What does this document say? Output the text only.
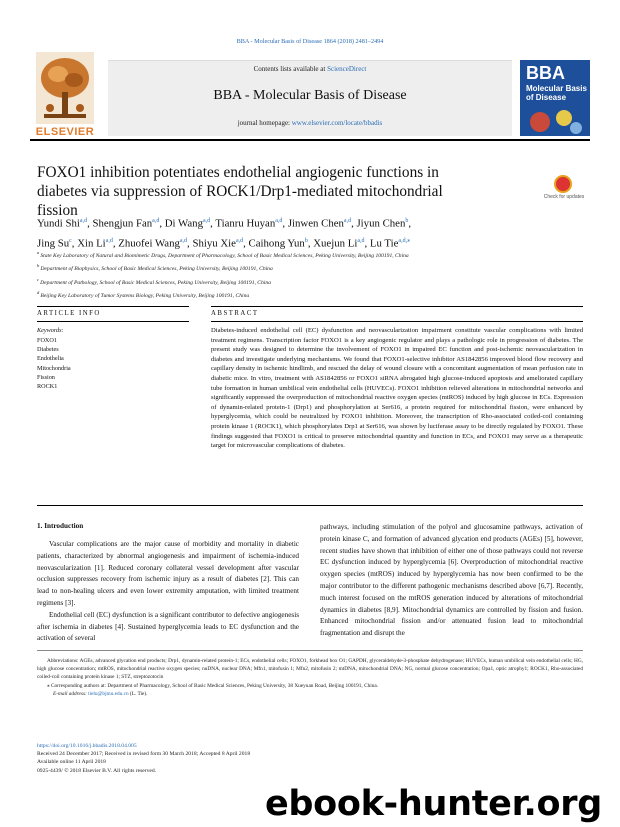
BBA - Molecular Basis of Disease 1864 (2018) 2481–2494
ELSEVIER
Contents lists available at ScienceDirect
BBA - Molecular Basis of Disease
journal homepage: www.elsevier.com/locate/bbadis
BBA
Molecular Basis of Disease
FOXO1 inhibition potentiates endothelial angiogenic functions in diabetes via suppression of ROCK1/Drp1-mediated mitochondrial fission
Check for updates
Yundi Shi$^{a,d}$, Shengjun Fan$^{a,d}$, Di Wang$^{a,d}$, Tianru Huyan$^{a,d}$, Jinwen Chen$^{a,d}$, Jiyun Chen$^b$,
Jing Su$^c$, Xin Li$^{a,d}$, Zhuofei Wang$^{a,d}$, Shiyu Xie$^{a,d}$, Caihong Yun$^b$, Xuejun Li$^{a,d}$, Lu Tie$^{a,d,⁎}$
$^a$ State Key Laboratory of Natural and Biomimetic Drugs, Department of Pharmacology, School of Basic Medical Sciences, Peking University, Beijing 100191, China
$^b$ Department of Biophysics, School of Basic Medical Sciences, Peking University, Beijing 100191, China
$^c$ Department of Pathology, School of Basic Medical Sciences, Peking University, Beijing 100191, China
$^d$ Beijing Key Laboratory of Tumor Systems Biology, Peking University, Beijing 100191, China
ARTICLE INFO	ABSTRACT
Keywords:
FOXO1
Diabetes
Endothelia
Mitochondria
Fission
ROCK1
Diabetes-induced endothelial cell (EC) dysfunction and neovascularization impairment constitute vascular complications with limited treatment regimens. Transcription factor FOXO1 is a key angiogenic regulator and plays a pathologic role in progression of diabetes. The present study was designed to determine the involvement of FOXO1 in impaired EC function and post-ischemic neovascularization in diabetes and investigate underlying mechanisms. We found that FOXO1-selective inhibitor AS1842856 improved blood flow recovery and capillary density in ischemic hindlimb, and rescued the delay of wound closure with a concomitant augmentation of mean perfusion rate in diabetic mice. In vitro, treatment with AS1842856 or FOXO1 siRNA abrogated high glucose-induced apoptosis and ameliorated capillary tube formation in human umbilical vein endothelial cells (HUVECs). FOXO1 inhibition relieved alterations in mitochondrial networks and significantly suppressed the overproduction of mitochondrial reactive oxygen species (mtROS) induced by high glucose in ECs. Expression of dynamin-related protein-1 (Drp1) and phosphorylation at Ser616, a protein required for mitochondrial fission, were enhanced by hyperglycemia, which could be neutralized by FOXO1 inhibition. Moreover, the transcription of Rho-associated coiled-coil containing protein kinase 1 (ROCK1), which phosphorylates Drp1 at Ser616, was shown by luciferase assay to be directly regulated by FOXO1. These findings suggested that FOXO1 is critical to preserve mitochondrial quantity and function in ECs, and FOXO1 may serve as a therapeutic target for microvascular complications of diabetes.
1. Introduction

Vascular complications are the major cause of morbidity and mortality in diabetic patients, characterized by abnormal angiogenesis and impairment of ischemia-induced neovascularization [1]. Reduced coronary collateral vessel development after vascular occlusion suppresses recovery from ischemic injury as a result of diabetes [2]. This can lead to non-healing ulcers and even lower extremity amputation, with limited treatment regimens [3].

Endothelial cell (EC) dysfunction is a significant contributor to defective angiogenesis after ischemia in diabetes [4]. Sustained hyperglycemia leads to EC dysfunction and the activation of several

pathways, including stimulation of the polyol and glucosamine pathways, activation of protein kinase C, and formation of advanced glycation end products (AGEs) [5], however, recent studies have shown that inhibition of either one of those pathways could not reverse EC dysfunction induced by hyperglycemia [6]. Overproduction of mitochondrial reactive oxygen species (mtROS) induced by hyperglycemia has now been confirmed to be the major contributor to the different pathogenic mechanisms described above [6,7]. Recently, much interest focused on the mtROS generation induced by alterations of mitochondrial dynamics in diabetes [8,9]. Mitochondrial dynamics are controlled by fission and fusion. Enhanced mitochondrial fission and/or attenuated fusion lead to mitochondrial fragmentation and disrupt the

Abbreviations: AGEs, advanced glycation end products; Drp1, dynamin-related protein-1; ECs, endothelial cells; FOXO1, forkhead box O1; GAPDH, glyceraldehyde-3-phosphate dehydrogenase; HUVECs, human umbilical vein endothelial cells; HG, high glucose concentration; mtROS, mitochondrial reactive oxygen species; nuDNA, nuclear DNA; Mfn1, mitofusin 1; Mfn2, mitofusin 2; mtDNA, mitochondrial DNA; NG, normal glucose concentration; Opa1, optic atrophy1; ROCK1, Rho-associated coiled-coil containing protein kinase 1; STZ, streptozotocin
⁎ Corresponding authors at: Department of Pharmacology, School of Basic Medical Sciences, Peking University, 38 Xueyuan Road, Beijing 100191, China.
E-mail address: tielu@bjmu.edu.cn (L. Tie).
https://doi.org/10.1016/j.bbadis.2018.04.005
Received 24 December 2017; Received in revised form 30 March 2018; Accepted 8 April 2018
Available online 11 April 2018
0925-4439/ © 2018 Elsevier B.V. All rights reserved.
ebook-hunter.org
